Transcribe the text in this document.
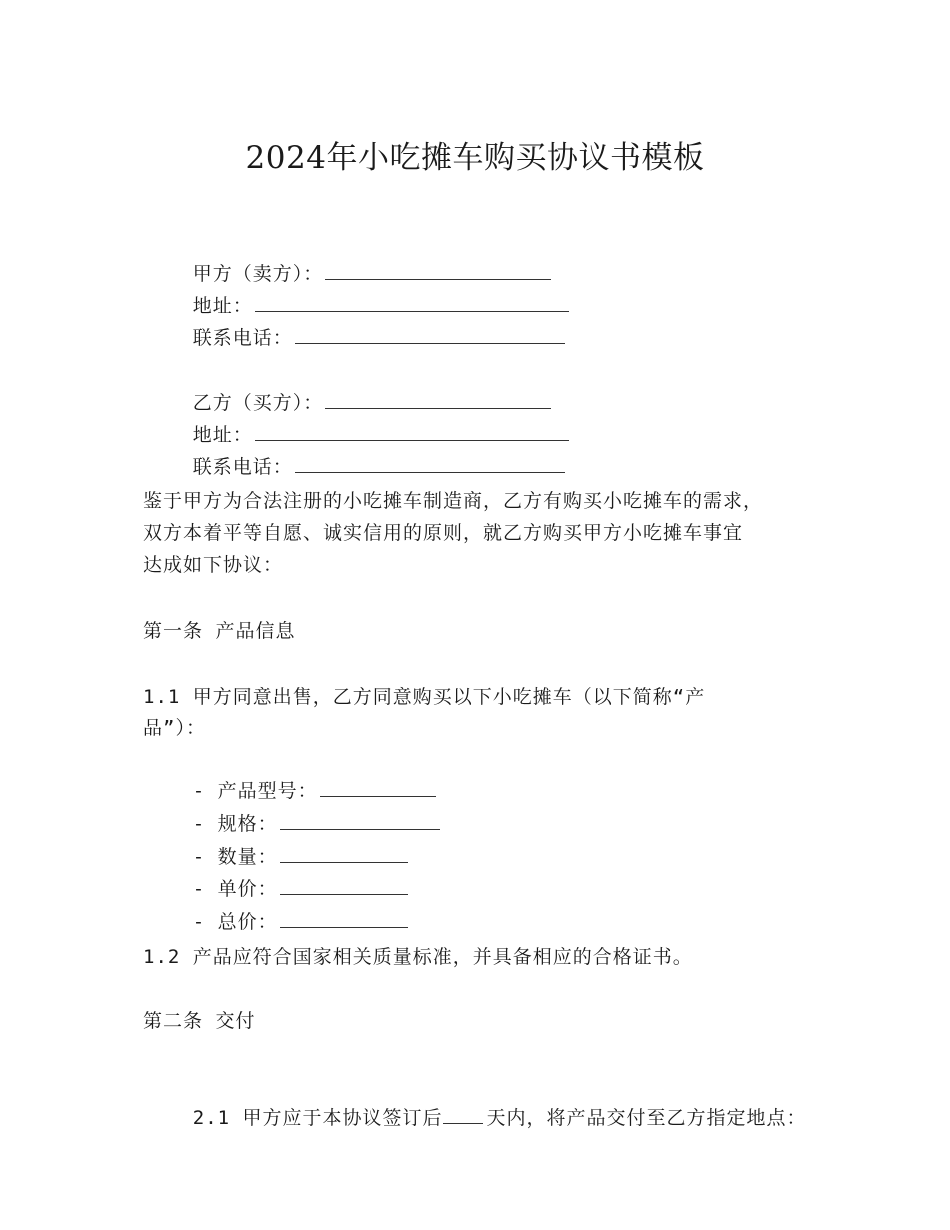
2024年小吃摊车购买协议书模板

甲方（卖方）：

地址：

联系电话：

乙方（买方）：

地址：

联系电话：

鉴于甲方为合法注册的小吃摊车制造商，乙方有购买小吃摊车的需求，
双方本着平等自愿、诚实信用的原则，就乙方购买甲方小吃摊车事宜
达成如下协议：
第一条 产品信息
1.1 甲方同意出售，乙方同意购买以下小吃摊车（以下简称“产
品”）：

- 产品型号：

- 规格：

- 数量：

- 单价：

- 总价：

1.2 产品应符合国家相关质量标准，并具备相应的合格证书。
第二条 交付

2.1 甲方应于本协议签订后 天内，将产品交付至乙方指定地点：
